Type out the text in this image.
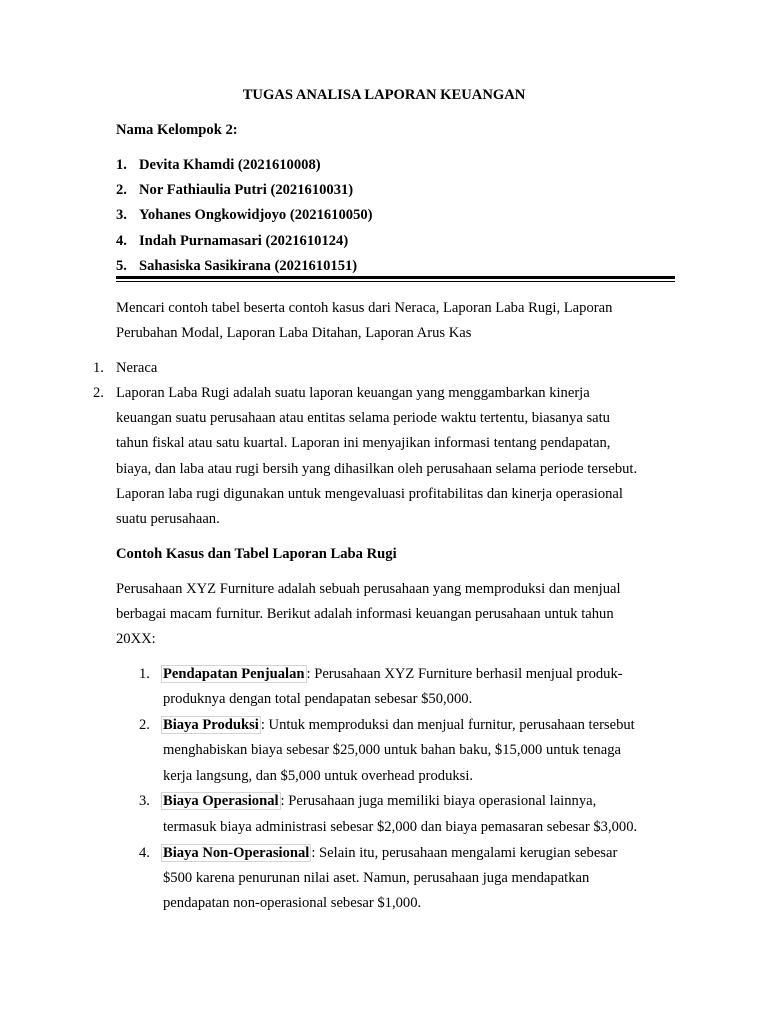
TUGAS ANALISA LAPORAN KEUANGAN
Nama Kelompok 2:
1. Devita Khamdi (2021610008)
2. Nor Fathiaulia Putri (2021610031)
3. Yohanes Ongkowidjoyo (2021610050)
4. Indah Purnamasari (2021610124)
5. Sahasiska Sasikirana (2021610151)
Mencari contoh tabel beserta contoh kasus dari Neraca, Laporan Laba Rugi, Laporan
Perubahan Modal, Laporan Laba Ditahan, Laporan Arus Kas
1. Neraca
2. Laporan Laba Rugi adalah suatu laporan keuangan yang menggambarkan kinerja
keuangan suatu perusahaan atau entitas selama periode waktu tertentu, biasanya satu
tahun fiskal atau satu kuartal. Laporan ini menyajikan informasi tentang pendapatan,
biaya, dan laba atau rugi bersih yang dihasilkan oleh perusahaan selama periode tersebut.
Laporan laba rugi digunakan untuk mengevaluasi profitabilitas dan kinerja operasional
suatu perusahaan.
Contoh Kasus dan Tabel Laporan Laba Rugi
Perusahaan XYZ Furniture adalah sebuah perusahaan yang memproduksi dan menjual
berbagai macam furnitur. Berikut adalah informasi keuangan perusahaan untuk tahun
20XX:
1. Pendapatan Penjualan : Perusahaan XYZ Furniture berhasil menjual produk-
produknya dengan total pendapatan sebesar $50,000.
2. Biaya Produksi : Untuk memproduksi dan menjual furnitur, perusahaan tersebut
menghabiskan biaya sebesar $25,000 untuk bahan baku, $15,000 untuk tenaga
kerja langsung, dan $5,000 untuk overhead produksi.
3. Biaya Operasional : Perusahaan juga memiliki biaya operasional lainnya,
termasuk biaya administrasi sebesar $2,000 dan biaya pemasaran sebesar $3,000.
4. Biaya Non-Operasional : Selain itu, perusahaan mengalami kerugian sebesar
$500 karena penurunan nilai aset. Namun, perusahaan juga mendapatkan
pendapatan non-operasional sebesar $1,000.
